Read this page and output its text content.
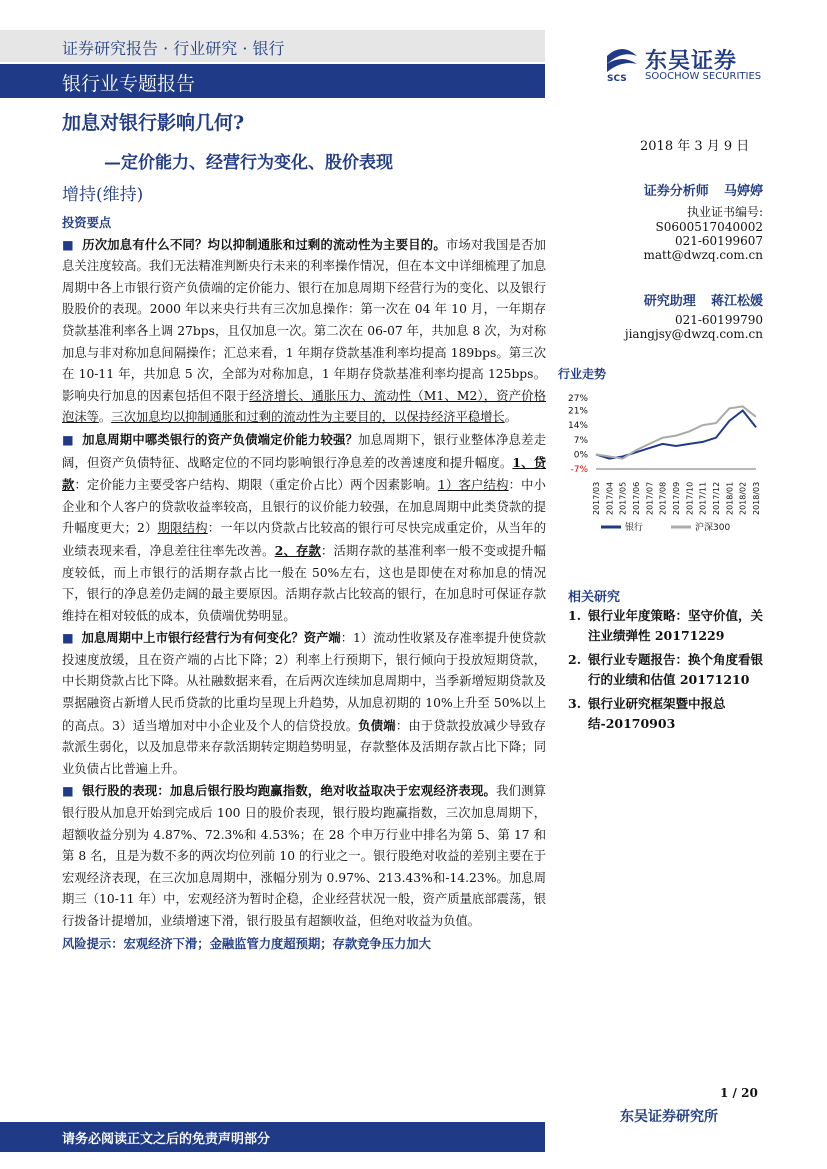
证券研究报告 · 行业研究 · 银行
银行业专题报告	SCS
东吴证券
SOOCHOW SECURITIES
加息对银行影响几何?
—定价能力、经营行为变化、股价表现
2018 年 3 月 9 日
增持(维持)	证券分析师 马婷婷
执业证书编号:
S0600517040002
021-60199607
matt@dwzq.com.cn
研究助理 蒋江松媛
021-60199790
jiangjsy@dwzq.com.cn
行业走势
27%
21%
14%
7%
0%
-7%
2017/03 2017/04 2017/05 2017/06 2017/07 2017/08 2017/09 2017/10 2017/11 2017/12 2018/01 2018/02 2018/03
银行	沪深300
相关研究
1. 银行业年度策略：坚守价值，关注业绩弹性 20171229
2. 银行业专题报告：换个角度看银行的业绩和估值 20171210
3. 银行业研究框架暨中报总结-20170903

投资要点

■ 历次加息有什么不同？均以抑制通胀和过剩的流动性为主要目的。市场对我国是否加息关注度较高。我们无法精准判断央行未来的利率操作情况，但在本文中详细梳理了加息周期中各上市银行资产负债端的定价能力、银行在加息周期下经营行为的变化、以及银行股股价的表现。2000 年以来央行共有三次加息操作：第一次在 04 年 10 月，一年期存贷款基准利率各上调 27bps，且仅加息一次。第二次在 06-07 年，共加息 8 次，为对称加息与非对称加息间隔操作；汇总来看，1 年期存贷款基准利率均提高 189bps。第三次在 10-11 年，共加息 5 次，全部为对称加息，1 年期存贷款基准利率均提高 125bps。影响央行加息的因素包括但不限于经济增长、通胀压力、流动性（M1、M2），资产价格泡沫等。三次加息均以抑制通胀和过剩的流动性为主要目的，以保持经济平稳增长。

■ 加息周期中哪类银行的资产负债端定价能力较强？加息周期下，银行业整体净息差走阔，但资产负债特征、战略定位的不同均影响银行净息差的改善速度和提升幅度。1、贷款：定价能力主要受客户结构、期限（重定价占比）两个因素影响。1）客户结构：中小企业和个人客户的贷款收益率较高，且银行的议价能力较强，在加息周期中此类贷款的提升幅度更大；2）期限结构：一年以内贷款占比较高的银行可尽快完成重定价，从当年的业绩表现来看，净息差往往率先改善。2、存款：活期存款的基准利率一般不变或提升幅度较低，而上市银行的活期存款占比一般在 50%左右，这也是即使在对称加息的情况下，银行的净息差仍走阔的最主要原因。活期存款占比较高的银行，在加息时可保证存款维持在相对较低的成本，负债端优势明显。

■ 加息周期中上市银行经营行为有何变化？资产端：1）流动性收紧及存准率提升使贷款投速度放缓，且在资产端的占比下降；2）利率上行预期下，银行倾向于投放短期贷款，中长期贷款占比下降。从社融数据来看，在后两次连续加息周期中，当季新增短期贷款及票据融资占新增人民币贷款的比重均呈现上升趋势，从加息初期的 10%上升至 50%以上的高点。3）适当增加对中小企业及个人的信贷投放。负债端：由于贷款投放减少导致存款派生弱化，以及加息带来存款活期转定期趋势明显，存款整体及活期存款占比下降；同业负债占比普遍上升。

■ 银行股的表现：加息后银行股均跑赢指数，绝对收益取决于宏观经济表现。我们测算银行股从加息开始到完成后 100 日的股价表现，银行股均跑赢指数，三次加息周期下，超额收益分别为 4.87%、72.3%和 4.53%；在 28 个申万行业中排名为第 5、第 17 和第 8 名，且是为数不多的两次均位列前 10 的行业之一。银行股绝对收益的差别主要在于宏观经济表现，在三次加息周期中，涨幅分别为 0.97%、213.43%和-14.23%。加息周期三（10-11 年）中，宏观经济为暂时企稳，企业经营状况一般，资产质量底部震荡，银行拨备计提增加，业绩增速下滑，银行股虽有超额收益，但绝对收益为负值。

风险提示：宏观经济下滑；金融监管力度超预期；存款竞争压力加大

1 / 20
东吴证券研究所
请务必阅读正文之后的免责声明部分
